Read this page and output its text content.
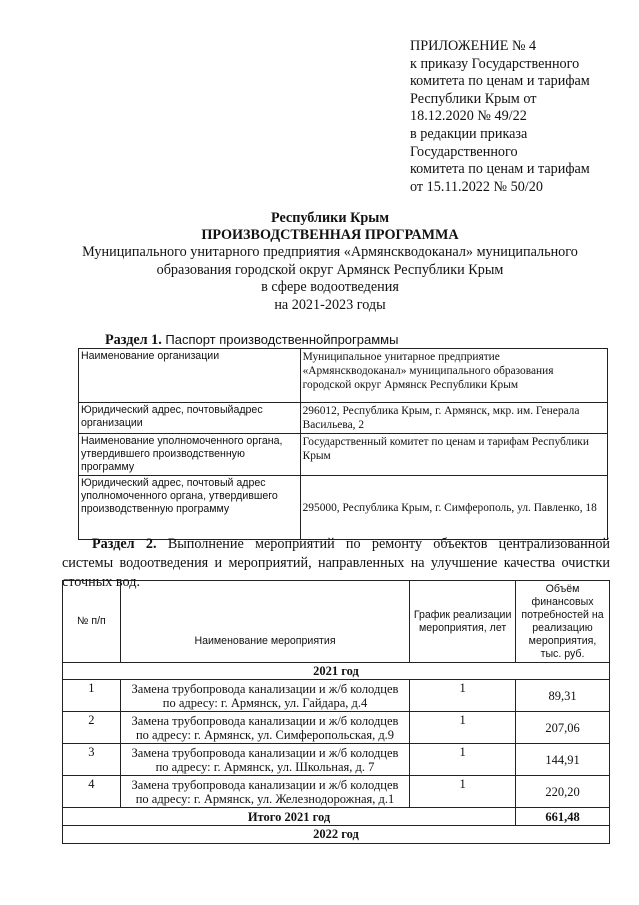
ПРИЛОЖЕНИЕ № 4
к приказу Государственного
комитета по ценам и тарифам
Республики Крым от
18.12.2020 № 49/22
в редакции приказа
Государственного
комитета по ценам и тарифам
от 15.11.2022 № 50/20
Республики Крым
ПРОИЗВОДСТВЕННАЯ ПРОГРАММА
Муниципального унитарного предприятия «Армянскводоканал» муниципального
образования городской округ Армянск Республики Крым
в сфере водоотведения
на 2021-2023 годы
Раздел 1. Паспорт производственнойпрограммы
Наименование организации	Муниципальное унитарное предприятие «Армянскводоканал» муниципального образования городской округ Армянск Республики Крым
Юридический адрес, почтовыйадрес организации	296012, Республика Крым, г. Армянск, мкр. им. Генерала Васильева, 2
Наименование уполномоченного органа, утвердившего производственную программу	Государственный комитет по ценам и тарифам Республики Крым
Юридический адрес, почтовый адрес уполномоченного органа, утвердившего производственную программу	295000, Республика Крым, г. Симферополь, ул. Павленко, 18
Раздел 2. Выполнение мероприятий по ремонту объектов централизованной системы водоотведения и мероприятий, направленных на улучшение качества очистки сточных вод.
№ п/п	Наименование мероприятия	График реализации мероприятия, лет	Объём финансовых потребностей на реализацию мероприятия, тыс. руб.
2021 год			
1	Замена трубопровода канализации и ж/б колодцев по адресу: г. Армянск, ул. Гайдара, д.4	1	89,31
2	Замена трубопровода канализации и ж/б колодцев по адресу: г. Армянск, ул. Симферопольская, д.9	1	207,06
3	Замена трубопровода канализации и ж/б колодцев по адресу: г. Армянск, ул. Школьная, д. 7	1	144,91
4	Замена трубопровода канализации и ж/б колодцев по адресу: г. Армянск, ул. Железнодорожная, д.1	1	220,20
Итого 2021 год			661,48
2022 год			
